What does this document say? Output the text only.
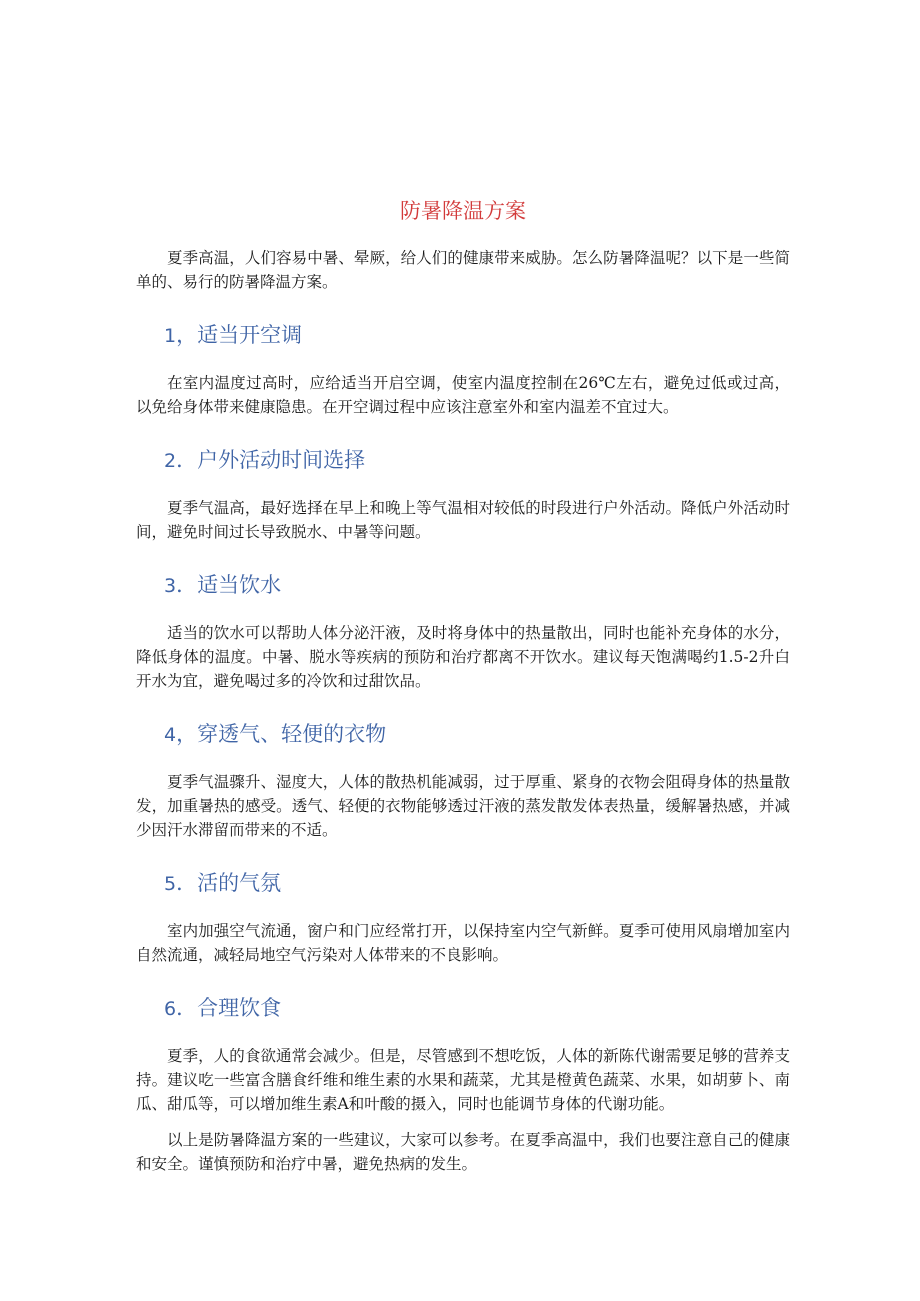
防暑降温方案

夏季高温，人们容易中暑、晕厥，给人们的健康带来威胁。怎么防暑降温呢？以下是一些简单的、易行的防暑降温方案。

1，适当开空调

在室内温度过高时，应给适当开启空调，使室内温度控制在26℃左右，避免过低或过高，以免给身体带来健康隐患。在开空调过程中应该注意室外和室内温差不宜过大。

2．户外活动时间选择

夏季气温高，最好选择在早上和晚上等气温相对较低的时段进行户外活动。降低户外活动时间，避免时间过长导致脱水、中暑等问题。

3．适当饮水

适当的饮水可以帮助人体分泌汗液，及时将身体中的热量散出，同时也能补充身体的水分，降低身体的温度。中暑、脱水等疾病的预防和治疗都离不开饮水。建议每天饱满喝约1.5-2升白开水为宜，避免喝过多的冷饮和过甜饮品。

4，穿透气、轻便的衣物

夏季气温骤升、湿度大，人体的散热机能减弱，过于厚重、紧身的衣物会阻碍身体的热量散发，加重暑热的感受。透气、轻便的衣物能够透过汗液的蒸发散发体表热量，缓解暑热感，并减少因汗水滞留而带来的不适。

5．活的气氛

室内加强空气流通，窗户和门应经常打开，以保持室内空气新鲜。夏季可使用风扇增加室内自然流通，减轻局地空气污染对人体带来的不良影响。

6．合理饮食

夏季，人的食欲通常会减少。但是，尽管感到不想吃饭，人体的新陈代谢需要足够的营养支持。建议吃一些富含膳食纤维和维生素的水果和蔬菜，尤其是橙黄色蔬菜、水果，如胡萝卜、南瓜、甜瓜等，可以增加维生素A和叶酸的摄入，同时也能调节身体的代谢功能。

以上是防暑降温方案的一些建议，大家可以参考。在夏季高温中，我们也要注意自己的健康和安全。谨慎预防和治疗中暑，避免热病的发生。
